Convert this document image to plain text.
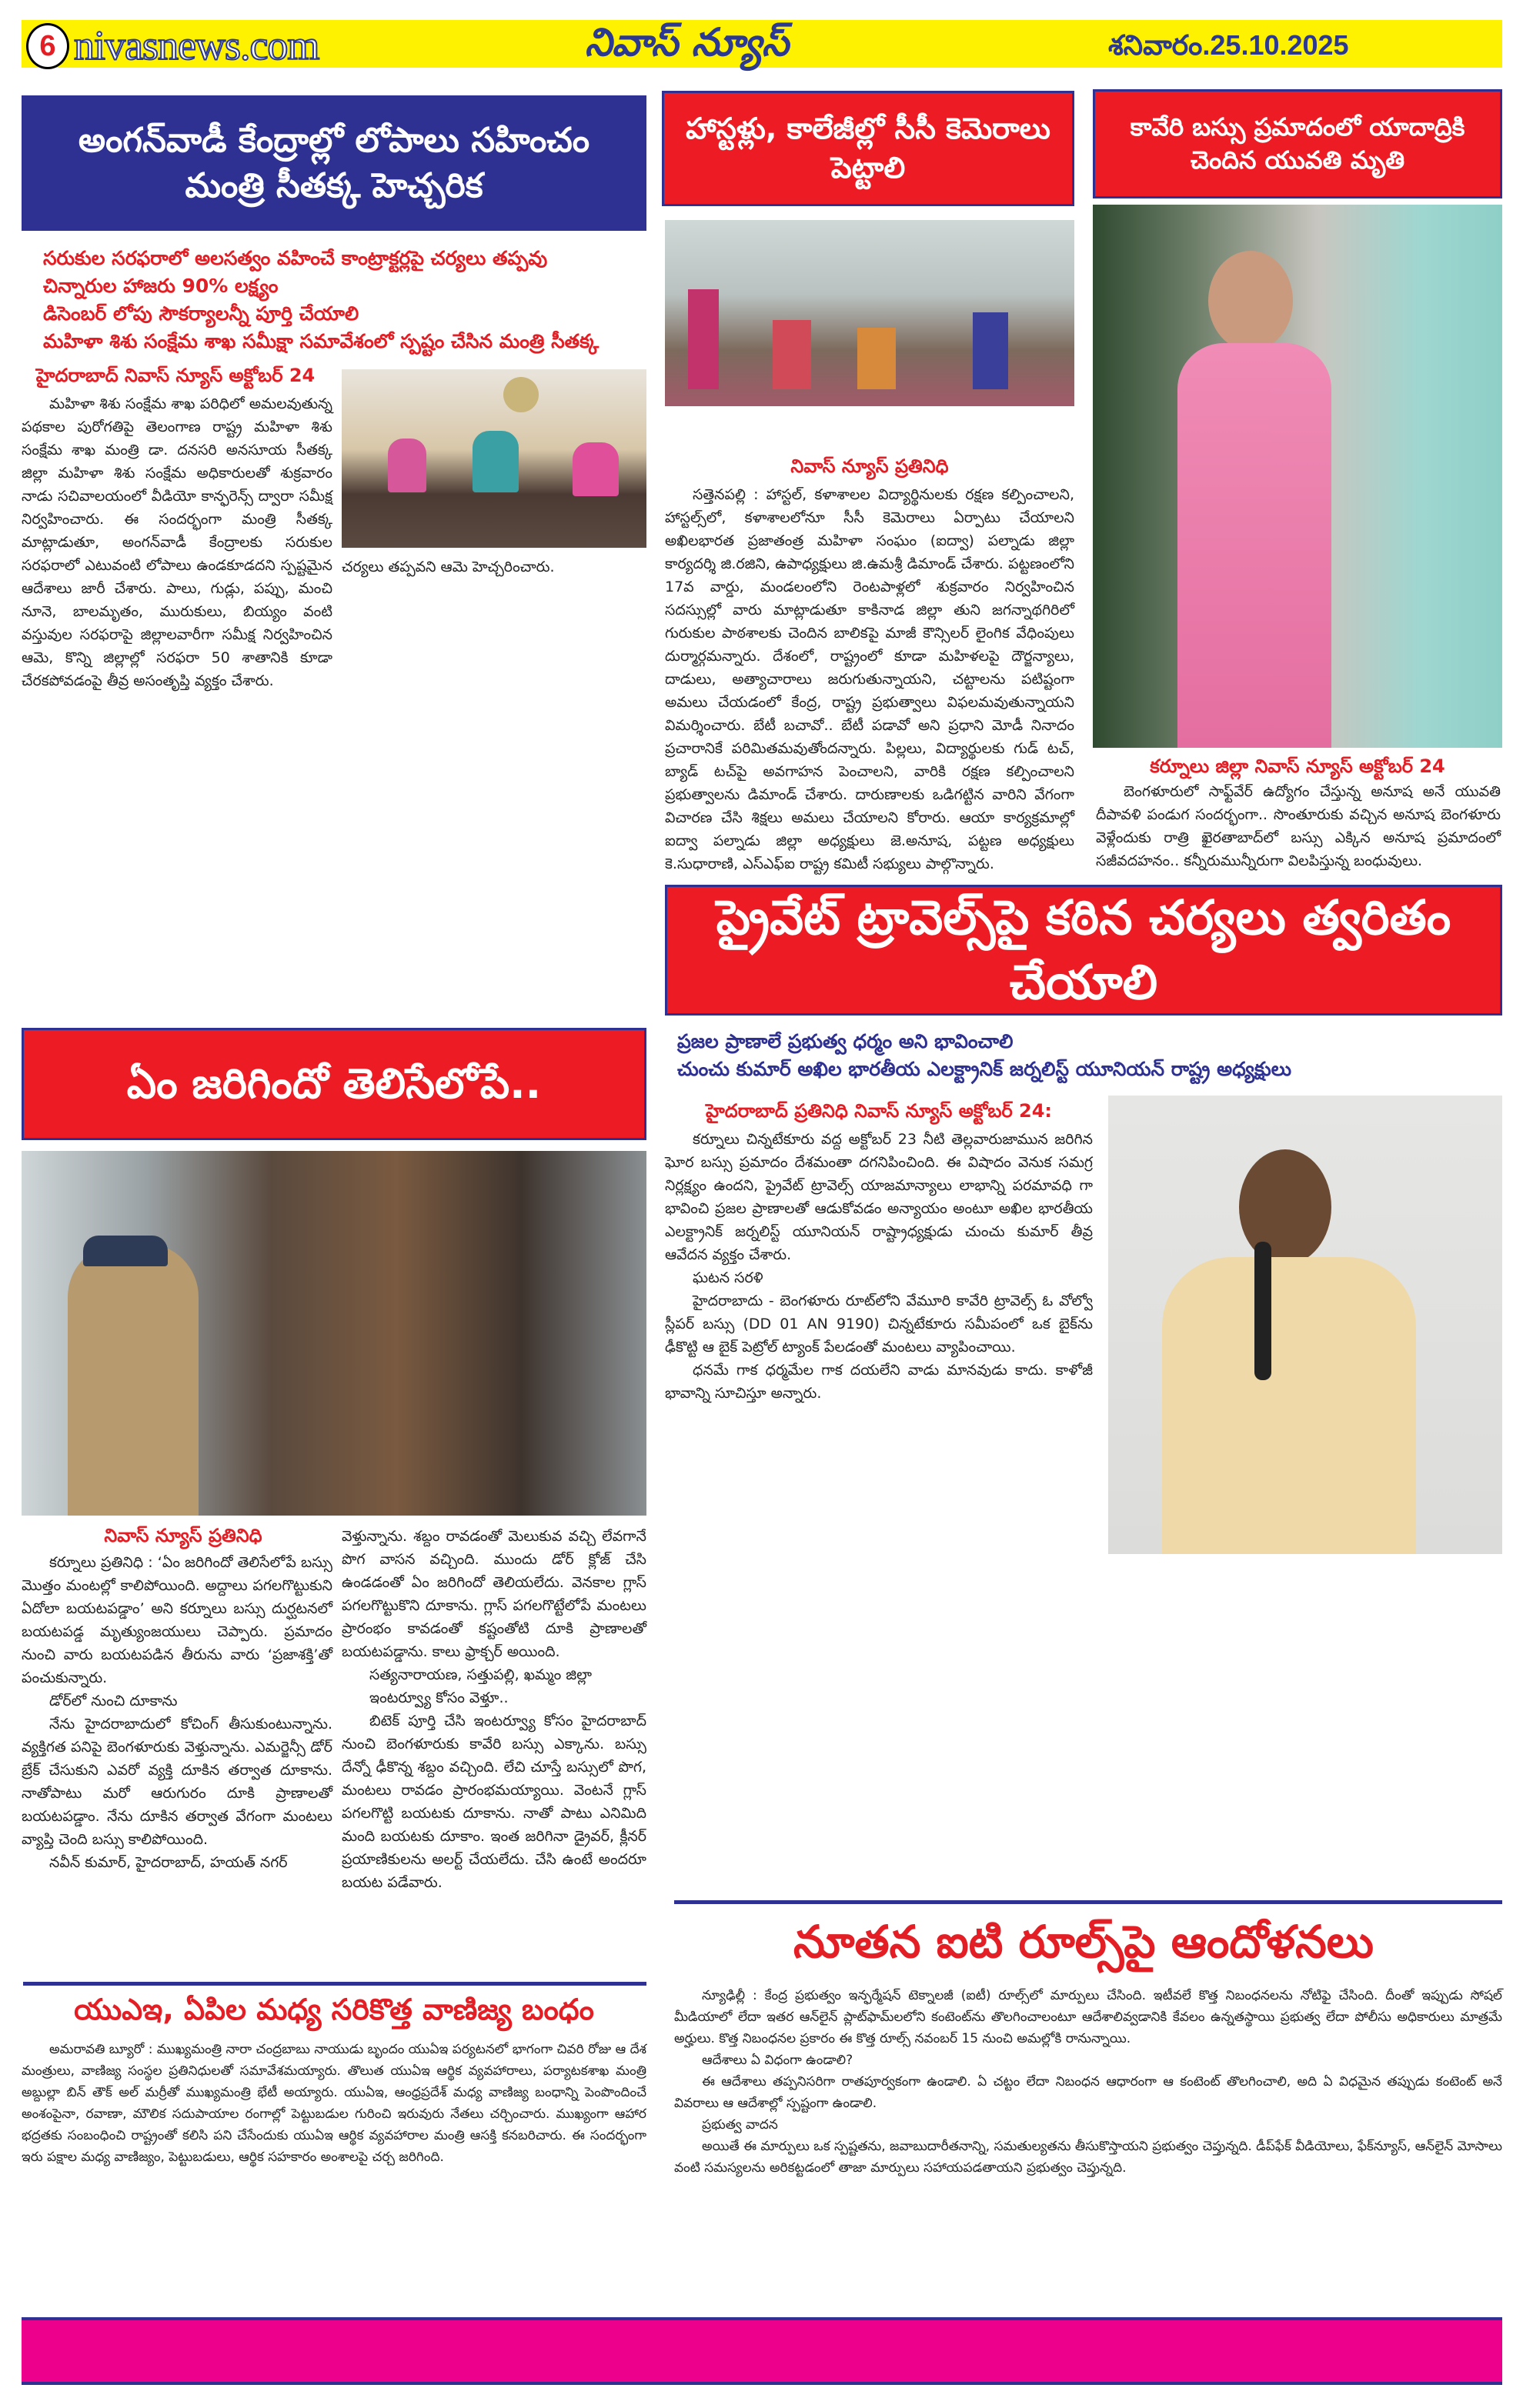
6 nivasnews.com	నివాస్ న్యూస్	శనివారం.25.10.2025
అంగన్‌వాడీ కేంద్రాల్లో లోపాలు సహించం మంత్రి సీతక్క హెచ్చరిక
సరుకుల సరఫరాలో అలసత్వం వహించే కాంట్రాక్టర్లపై చర్యలు తప్పవు
చిన్నారుల హాజరు 90% లక్ష్యం
డిసెంబర్ లోపు సౌకర్యాలన్నీ పూర్తి చేయాలి
మహిళా శిశు సంక్షేమ శాఖ సమీక్షా సమావేశంలో స్పష్టం చేసిన మంత్రి సీతక్క
హైదరాబాద్ నివాస్ న్యూస్ అక్టోబర్ 24

మహిళా శిశు సంక్షేమ శాఖ పరిధిలో అమలవుతున్న పథకాల పురోగతిపై తెలంగాణ రాష్ట్ర మహిళా శిశు సంక్షేమ శాఖ మంత్రి డా. దనసరి అనసూయ సీతక్క జిల్లా మహిళా శిశు సంక్షేమ అధికారులతో శుక్రవారం నాడు సచివాలయంలో వీడియో కాన్ఫరెన్స్ ద్వారా సమీక్ష నిర్వహించారు. ఈ సందర్భంగా మంత్రి సీతక్క మాట్లాడుతూ, అంగన్‌వాడీ కేంద్రాలకు సరుకుల సరఫరాలో ఎటువంటి లోపాలు ఉండకూడదని స్పష్టమైన ఆదేశాలు జారీ చేశారు. పాలు, గుడ్లు, పప్పు, మంచి నూనె, బాలమృతం, మురుకులు, బియ్యం వంటి వస్తువుల సరఫరాపై జిల్లాలవారీగా సమీక్ష నిర్వహించిన ఆమె, కొన్ని జిల్లాల్లో సరఫరా 50 శాతానికి కూడా చేరకపోవడంపై తీవ్ర అసంతృప్తి వ్యక్తం చేశారు.

చర్యలు తప్పవని ఆమె హెచ్చరించారు.

హాస్టళ్లు, కాలేజీల్లో సీసీ కెమెరాలు పెట్టాలి
నివాస్ న్యూస్ ప్రతినిధి

సత్తెనపల్లి : హాస్టల్, కళాశాలల విద్యార్థినులకు రక్షణ కల్పించాలని, హాస్టల్స్‌లో, కళాశాలలోనూ సీసీ కెమెరాలు ఏర్పాటు చేయాలని అఖిలభారత ప్రజాతంత్ర మహిళా సంఘం (ఐద్వా) పల్నాడు జిల్లా కార్యదర్శి జి.రజిని, ఉపాధ్యక్షులు జి.ఉమశ్రీ డిమాండ్ చేశారు. పట్టణంలోని 17వ వార్డు, మండలంలోని రెంటపాళ్లలో శుక్రవారం నిర్వహించిన సదస్సుల్లో వారు మాట్లాడుతూ కాకినాడ జిల్లా తుని జగన్నాథగిరిలో గురుకుల పాఠశాలకు చెందిన బాలికపై మాజీ కౌన్సిలర్ లైంగిక వేధింపులు దుర్మార్గమన్నారు. దేశంలో, రాష్ట్రంలో కూడా మహిళలపై దౌర్జన్యాలు, దాడులు, అత్యాచారాలు జరుగుతున్నాయని, చట్టాలను పటిష్టంగా అమలు చేయడంలో కేంద్ర, రాష్ట్ర ప్రభుత్వాలు విఫలమవుతున్నాయని విమర్శించారు. బేటీ బచావో.. బేటీ పడావో అని ప్రధాని మోడీ నినాదం ప్రచారానికే పరిమితమవుతోందన్నారు. పిల్లలు, విద్యార్థులకు గుడ్ టచ్, బ్యాడ్ టచ్‌పై అవగాహన పెంచాలని, వారికి రక్షణ కల్పించాలని ప్రభుత్వాలను డిమాండ్ చేశారు. దారుణాలకు ఒడిగట్టిన వారిని వేగంగా విచారణ చేసి శిక్షలు అమలు చేయాలని కోరారు. ఆయా కార్యక్రమాల్లో ఐద్వా పల్నాడు జిల్లా అధ్యక్షులు జె.అనూష, పట్టణ అధ్యక్షులు కె.సుధారాణి, ఎస్‌ఎఫ్‌ఐ రాష్ట్ర కమిటీ సభ్యులు పాల్గొన్నారు.

కావేరి బస్సు ప్రమాదంలో యాదాద్రికి చెందిన యువతి మృతి
కర్నూలు జిల్లా నివాస్ న్యూస్ అక్టోబర్ 24

బెంగళూరులో సాఫ్ట్‌వేర్ ఉద్యోగం చేస్తున్న అనూష అనే యువతి దీపావళి పండుగ సందర్భంగా.. సొంతూరుకు వచ్చిన అనూష బెంగళూరు వెళ్లేందుకు రాత్రి ఖైరతాబాద్‌లో బస్సు ఎక్కిన అనూష ప్రమాదంలో సజీవదహనం.. కన్నీరుమున్నీరుగా విలపిస్తున్న బంధువులు.

ప్రైవేట్ ట్రావెల్స్‌పై కఠిన చర్యలు త్వరితం చేయాలి
ప్రజల ప్రాణాలే ప్రభుత్వ ధర్మం అని భావించాలి
చుంచు కుమార్ అఖిల భారతీయ ఎలక్ట్రానిక్ జర్నలిస్ట్ యూనియన్ రాష్ట్ర అధ్యక్షులు
హైదరాబాద్ ప్రతినిధి నివాస్ న్యూస్ అక్టోబర్ 24:

కర్నూలు చిన్నటేకూరు వద్ద అక్టోబర్ 23 నీటి తెల్లవారుజామున జరిగిన ఘోర బస్సు ప్రమాదం దేశమంతా దగనిపించింది. ఈ విషాదం వెనుక సమగ్ర నిర్లక్ష్యం ఉందని, ప్రైవేట్ ట్రావెల్స్ యాజమాన్యాలు లాభాన్ని పరమావధి గా భావించి ప్రజల ప్రాణాలతో ఆడుకోవడం అన్యాయం అంటూ అఖిల భారతీయ ఎలక్ట్రానిక్ జర్నలిస్ట్ యూనియన్ రాష్ట్రాధ్యక్షుడు చుంచు కుమార్ తీవ్ర ఆవేదన వ్యక్తం చేశారు.

ఘటన సరళి

హైదరాబాదు - బెంగళూరు రూట్‌లోని వేమూరి కావేరి ట్రావెల్స్ ఓ వోల్వో స్లీపర్ బస్సు (DD 01 AN 9190) చిన్నటేకూరు సమీపంలో ఒక బైక్‌ను ఢీకొట్టి ఆ బైక్ పెట్రోల్ ట్యాంక్ పేలడంతో మంటలు వ్యాపించాయి.

ధనమే గాక ధర్మమేల గాక దయలేని వాడు మానవుడు కాదు. కాళోజీ భావాన్ని సూచిస్తూ అన్నారు.

ఏం జరిగిందో తెలిసేలోపే..
నివాస్ న్యూస్ ప్రతినిధి

కర్నూలు ప్రతినిధి : ‘ఏం జరిగిందో తెలిసేలోపే బస్సు మొత్తం మంటల్లో కాలిపోయింది. అద్దాలు పగలగొట్టుకుని ఏదోలా బయటపడ్డాం’ అని కర్నూలు బస్సు దుర్ఘటనలో బయటపడ్డ మృత్యుంజయులు చెప్పారు. ప్రమాదం నుంచి వారు బయటపడిన తీరును వారు ‘ప్రజాశక్తి’తో పంచుకున్నారు.

డోర్‌లో నుంచి దూకాను

నేను హైదరాబాదులో కోచింగ్ తీసుకుంటున్నాను. వ్యక్తిగత పనిపై బెంగళూరుకు వెళ్తున్నాను. ఎమర్జెన్సీ డోర్ బ్రేక్ చేసుకుని ఎవరో వ్యక్తి దూకిన తర్వాత దూకాను. నాతోపాటు మరో ఆరుగురం దూకి ప్రాణాలతో బయటపడ్డాం. నేను దూకిన తర్వాత వేగంగా మంటలు వ్యాప్తి చెంది బస్సు కాలిపోయింది.

నవీన్ కుమార్, హైదరాబాద్, హయత్ నగర్

వెళ్తున్నాను. శబ్దం రావడంతో మెలుకువ వచ్చి లేవగానే పొగ వాసన వచ్చింది. ముందు డోర్ క్లోజ్ చేసి ఉండడంతో ఏం జరిగిందో తెలియలేదు. వెనకాల గ్లాస్ పగలగొట్టుకొని దూకాను. గ్లాస్ పగలగొట్టేలోపే మంటలు ప్రారంభం కావడంతో కష్టంతోటి దూకి ప్రాణాలతో బయటపడ్డాను. కాలు ఫ్రాక్చర్ అయింది.

సత్యనారాయణ, సత్తుపల్లి, ఖమ్మం జిల్లా

ఇంటర్వ్యూ కోసం వెళ్తూ..

బిటెక్ పూర్తి చేసి ఇంటర్వ్యూ కోసం హైదరాబాద్ నుంచి బెంగళూరుకు కావేరి బస్సు ఎక్కాను. బస్సు దేన్నో ఢీకొన్న శబ్దం వచ్చింది. లేచి చూస్తే బస్సులో పొగ, మంటలు రావడం ప్రారంభమయ్యాయి. వెంటనే గ్లాస్ పగలగొట్టి బయటకు దూకాను. నాతో పాటు ఎనిమిది మంది బయటకు దూకాం. ఇంత జరిగినా డ్రైవర్, క్లీనర్ ప్రయాణికులను అలర్ట్ చేయలేదు. చేసి ఉంటే అందరూ బయట పడేవారు.

యుఎఇ, ఏపిల మధ్య సరికొత్త వాణిజ్య బంధం

అమరావతి బ్యూరో : ముఖ్యమంత్రి నారా చంద్రబాబు నాయుడు బృందం యుఏఇ పర్యటనలో భాగంగా చివరి రోజు ఆ దేశ మంత్రులు, వాణిజ్య సంస్థల ప్రతినిధులతో సమావేశమయ్యారు. తొలుత యుఏఇ ఆర్థిక వ్యవహారాలు, పర్యాటకశాఖ మంత్రి అబ్దుల్లా బిన్ తౌక్ అల్ మర్రీతో ముఖ్యమంత్రి భేటీ అయ్యారు. యుఏఇ, ఆంధ్రప్రదేశ్ మధ్య వాణిజ్య బంధాన్ని పెంపొందించే అంశంపైనా, రవాణా, మౌలిక సదుపాయాల రంగాల్లో పెట్టుబడుల గురించి ఇరువురు నేతలు చర్చించారు. ముఖ్యంగా ఆహార భద్రతకు సంబంధించి రాష్ట్రంతో కలిసి పని చేసేందుకు యుఏఇ ఆర్థిక వ్యవహారాల మంత్రి ఆసక్తి కనబరిచారు. ఈ సందర్భంగా ఇరు పక్షాల మధ్య వాణిజ్యం, పెట్టుబడులు, ఆర్థిక సహకారం అంశాలపై చర్చ జరిగింది.

నూతన ఐటి రూల్స్‌పై ఆందోళనలు

న్యూఢిల్లీ : కేంద్ర ప్రభుత్వం ఇన్ఫర్మేషన్ టెక్నాలజీ (ఐటీ) రూల్స్‌లో మార్పులు చేసింది. ఇటీవలే కొత్త నిబంధనలను నోటిఫై చేసింది. దీంతో ఇప్పుడు సోషల్ మీడియాలో లేదా ఇతర ఆన్‌లైన్ ప్లాట్‌ఫామ్‌లలోని కంటెంట్‌ను తొలగించాలంటూ ఆదేశాలివ్వడానికి కేవలం ఉన్నతస్థాయి ప్రభుత్వ లేదా పోలీసు అధికారులు మాత్రమే అర్హులు. కొత్త నిబంధనల ప్రకారం ఈ కొత్త రూల్స్ నవంబర్ 15 నుంచి అమల్లోకి రానున్నాయి.

ఆదేశాలు ఏ విధంగా ఉండాలి?

ఈ ఆదేశాలు తప్పనిసరిగా రాతపూర్వకంగా ఉండాలి. ఏ చట్టం లేదా నిబంధన ఆధారంగా ఆ కంటెంట్ తొలగించాలి, అది ఏ విధమైన తప్పుడు కంటెంట్ అనే వివరాలు ఆ ఆదేశాల్లో స్పష్టంగా ఉండాలి.

ప్రభుత్వ వాదన

అయితే ఈ మార్పులు ఒక స్పష్టతను, జవాబుదారీతనాన్ని, సమతుల్యతను తీసుకొస్తాయని ప్రభుత్వం చెప్తున్నది. డీప్‌ఫేక్ వీడియోలు, ఫేక్‌న్యూస్, ఆన్‌లైన్ మోసాలు వంటి సమస్యలను అరికట్టడంలో తాజా మార్పులు సహాయపడతాయని ప్రభుత్వం చెప్తున్నది.
